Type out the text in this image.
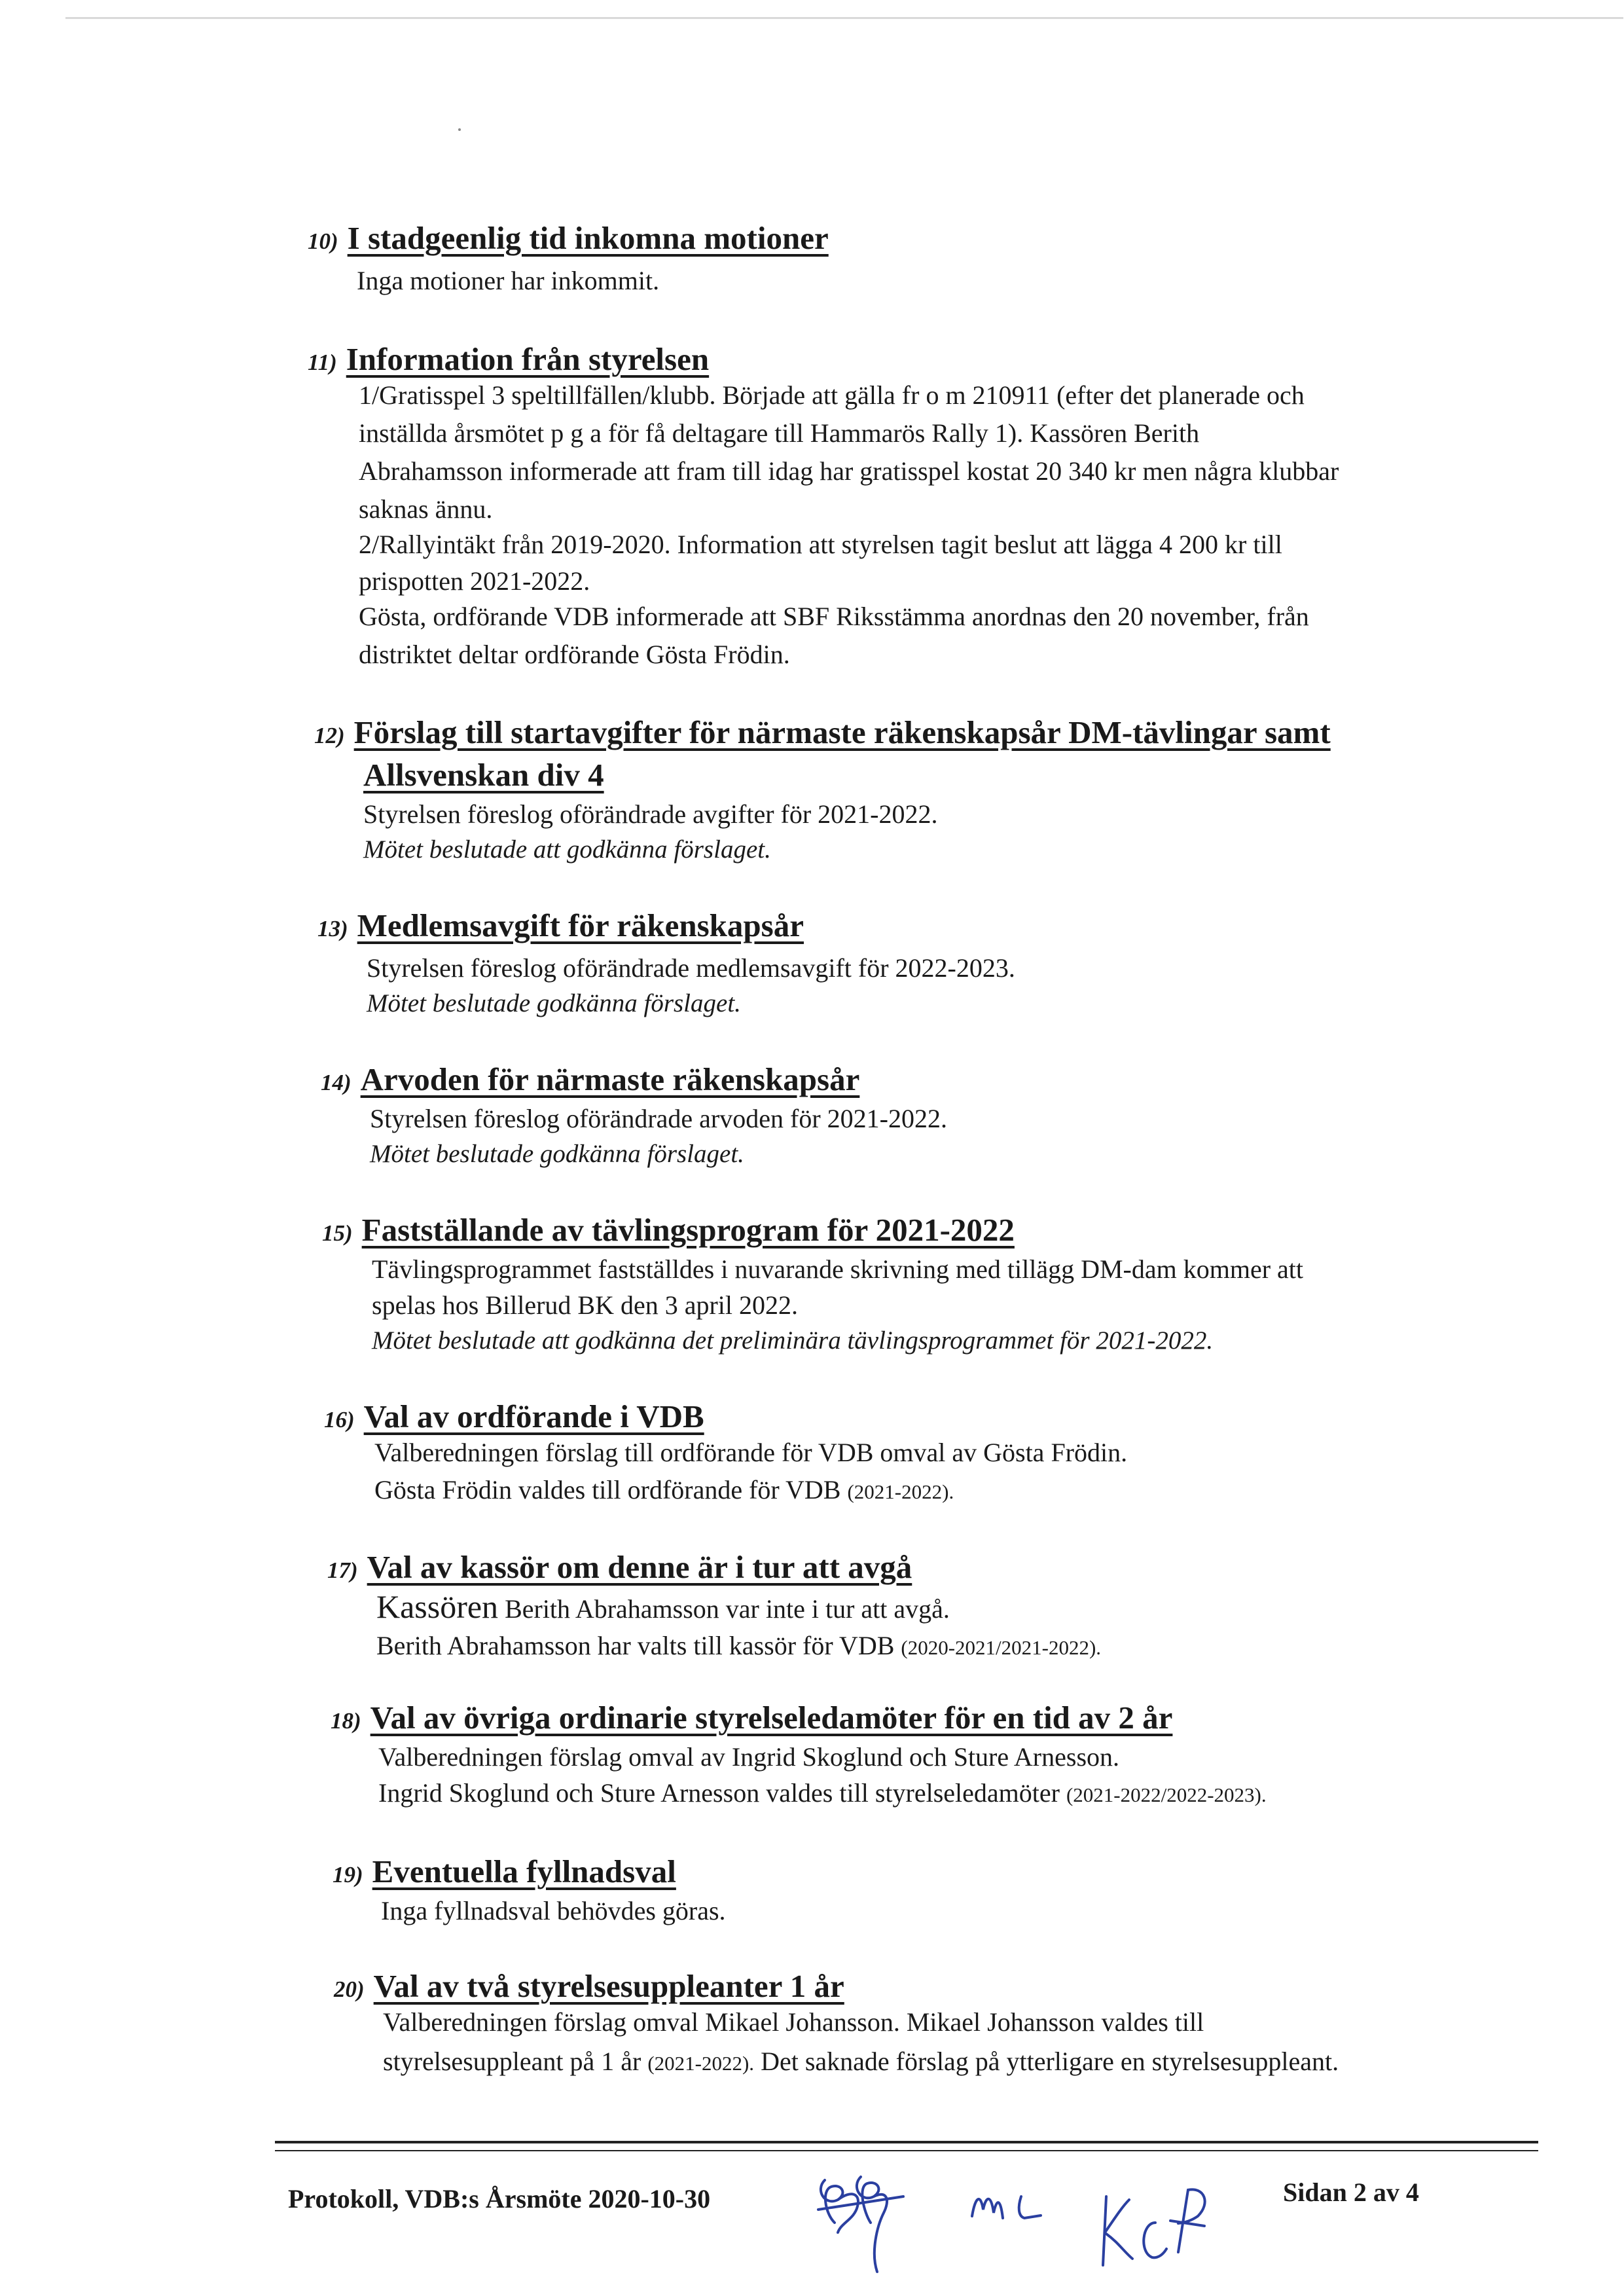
10) I stadgeenlig tid inkomna motioner
Inga motioner har inkommit.
11) Information från styrelsen
1/Gratisspel 3 speltillfällen/klubb. Började att gälla fr o m 210911 (efter det planerade och
inställda årsmötet p g a för få deltagare till Hammarös Rally 1). Kassören Berith
Abrahamsson informerade att fram till idag har gratisspel kostat 20 340 kr men några klubbar
saknas ännu.
2/Rallyintäkt från 2019-2020. Information att styrelsen tagit beslut att lägga 4 200 kr till
prispotten 2021-2022.
Gösta, ordförande VDB informerade att SBF Riksstämma anordnas den 20 november, från
distriktet deltar ordförande Gösta Frödin.
12) Förslag till startavgifter för närmaste räkenskapsår DM-tävlingar samt
Allsvenskan div 4
Styrelsen föreslog oförändrade avgifter för 2021-2022.
Mötet beslutade att godkänna förslaget.
13) Medlemsavgift för räkenskapsår
Styrelsen föreslog oförändrade medlemsavgift för 2022-2023.
Mötet beslutade godkänna förslaget.
14) Arvoden för närmaste räkenskapsår
Styrelsen föreslog oförändrade arvoden för 2021-2022.
Mötet beslutade godkänna förslaget.
15) Fastställande av tävlingsprogram för 2021-2022
Tävlingsprogrammet fastställdes i nuvarande skrivning med tillägg DM-dam kommer att
spelas hos Billerud BK den 3 april 2022.
Mötet beslutade att godkänna det preliminära tävlingsprogrammet för 2021-2022.
16) Val av ordförande i VDB
Valberedningen förslag till ordförande för VDB omval av Gösta Frödin.
Gösta Frödin valdes till ordförande för VDB (2021-2022).
17) Val av kassör om denne är i tur att avgå
Kassören Berith Abrahamsson var inte i tur att avgå.
Berith Abrahamsson har valts till kassör för VDB (2020-2021/2021-2022).
18) Val av övriga ordinarie styrelseledamöter för en tid av 2 år
Valberedningen förslag omval av Ingrid Skoglund och Sture Arnesson.
Ingrid Skoglund och Sture Arnesson valdes till styrelseledamöter (2021-2022/2022-2023).
19) Eventuella fyllnadsval
Inga fyllnadsval behövdes göras.
20) Val av två styrelsesuppleanter 1 år
Valberedningen förslag omval Mikael Johansson. Mikael Johansson valdes till
styrelsesuppleant på 1 år (2021-2022). Det saknade förslag på ytterligare en styrelsesuppleant.
Protokoll, VDB:s Årsmöte 2020-10-30	Sidan 2 av 4
